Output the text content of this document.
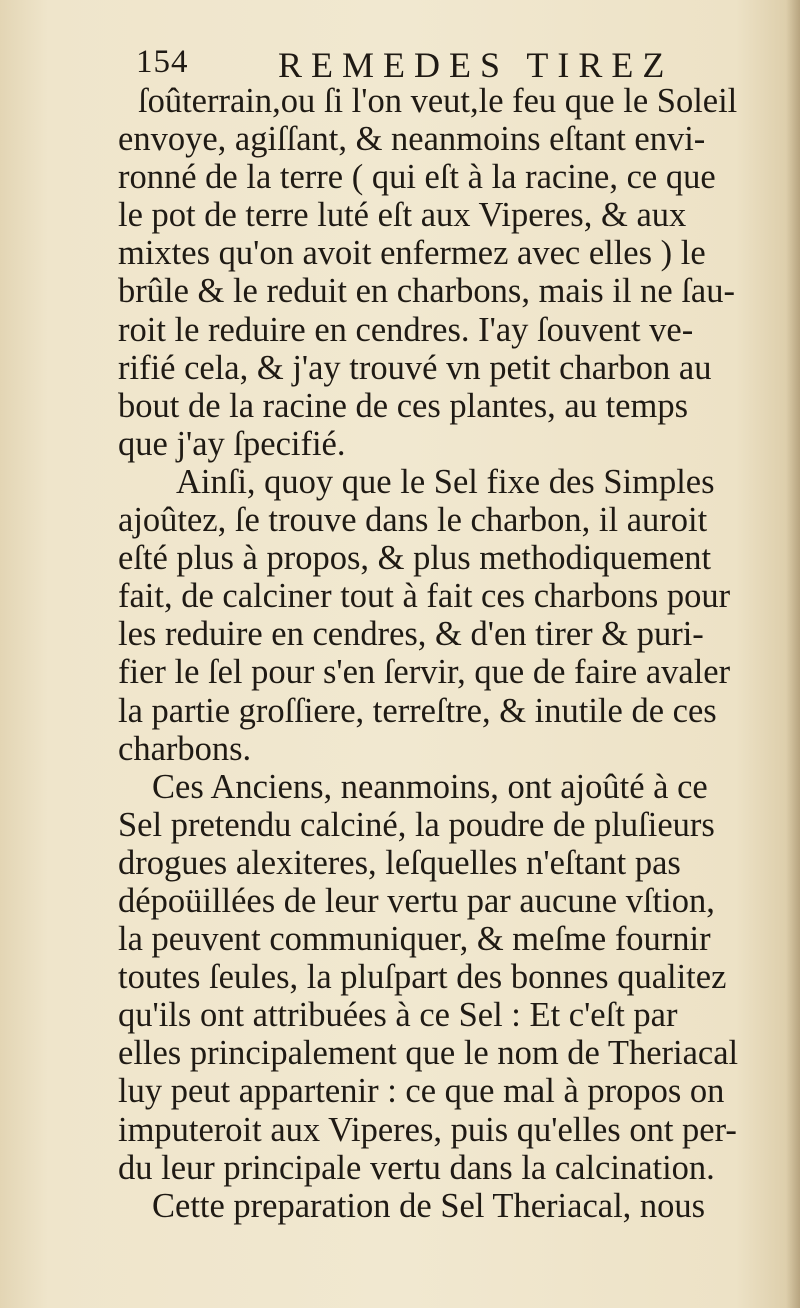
154 REMEDES TIREZ
ſoûterrain,ou ſi l'on veut,le feu que le Soleil
envoye, agiſſant, & neanmoins eſtant envi-
ronné de la terre ( qui eſt à la racine, ce que
le pot de terre luté eſt aux Viperes, & aux
mixtes qu'on avoit enfermez avec elles ) le
brûle & le reduit en charbons, mais il ne ſau-
roit le reduire en cendres. I'ay ſouvent ve-
rifié cela, & j'ay trouvé vn petit charbon au
bout de la racine de ces plantes, au temps
que j'ay ſpecifié.
Ainſi, quoy que le Sel fixe des Simples
ajoûtez, ſe trouve dans le charbon, il auroit
eſté plus à propos, & plus methodiquement
fait, de calciner tout à fait ces charbons pour
les reduire en cendres, & d'en tirer & puri-
fier le ſel pour s'en ſervir, que de faire avaler
la partie groſſiere, terreſtre, & inutile de ces
charbons.
Ces Anciens, neanmoins, ont ajoûté à ce
Sel pretendu calciné, la poudre de pluſieurs
drogues alexiteres, leſquelles n'eſtant pas
dépoüillées de leur vertu par aucune vſtion,
la peuvent communiquer, & meſme fournir
toutes ſeules, la pluſpart des bonnes qualitez
qu'ils ont attribuées à ce Sel : Et c'eſt par
elles principalement que le nom de Theriacal
luy peut appartenir : ce que mal à propos on
imputeroit aux Viperes, puis qu'elles ont per-
du leur principale vertu dans la calcination.
Cette preparation de Sel Theriacal, nous
